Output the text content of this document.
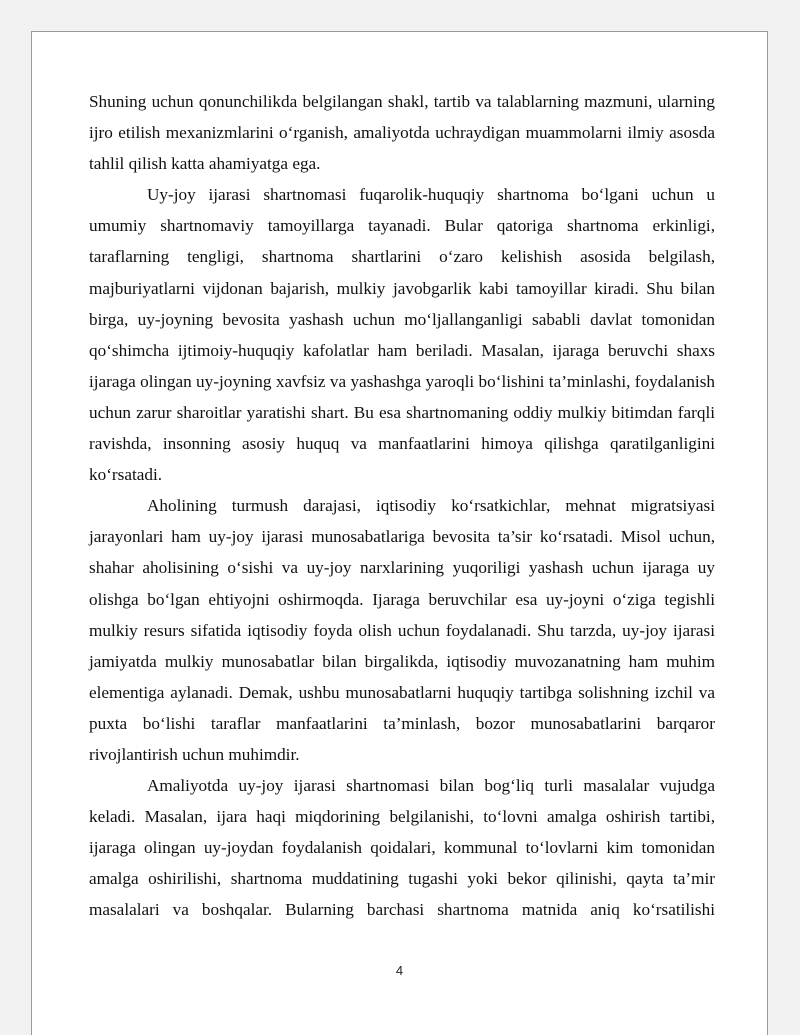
Shuning uchun qonunchilikda belgilangan shakl, tartib va talablarning mazmuni, ularning ijro etilish mexanizmlarini o‘rganish, amaliyotda uchraydigan muammolarni ilmiy asosda tahlil qilish katta ahamiyatga ega.

Uy-joy ijarasi shartnomasi fuqarolik-huquqiy shartnoma bo‘lgani uchun u umumiy shartnomaviy tamoyillarga tayanadi. Bular qatoriga shartnoma erkinligi, taraflarning tengligi, shartnoma shartlarini o‘zaro kelishish asosida belgilash, majburiyatlarni vijdonan bajarish, mulkiy javobgarlik kabi tamoyillar kiradi. Shu bilan birga, uy-joyning bevosita yashash uchun mo‘ljallanganligi sababli davlat tomonidan qo‘shimcha ijtimoiy-huquqiy kafolatlar ham beriladi. Masalan, ijaraga beruvchi shaxs ijaraga olingan uy-joyning xavfsiz va yashashga yaroqli bo‘lishini ta’minlashi, foydalanish uchun zarur sharoitlar yaratishi shart. Bu esa shartnomaning oddiy mulkiy bitimdan farqli ravishda, insonning asosiy huquq va manfaatlarini himoya qilishga qaratilganligini ko‘rsatadi.

Aholining turmush darajasi, iqtisodiy ko‘rsatkichlar, mehnat migratsiyasi jarayonlari ham uy-joy ijarasi munosabatlariga bevosita ta’sir ko‘rsatadi. Misol uchun, shahar aholisining o‘sishi va uy-joy narxlarining yuqoriligi yashash uchun ijaraga uy olishga bo‘lgan ehtiyojni oshirmoqda. Ijaraga beruvchilar esa uy-joyni o‘ziga tegishli mulkiy resurs sifatida iqtisodiy foyda olish uchun foydalanadi. Shu tarzda, uy-joy ijarasi jamiyatda mulkiy munosabatlar bilan birgalikda, iqtisodiy muvozanatning ham muhim elementiga aylanadi. Demak, ushbu munosabatlarni huquqiy tartibga solishning izchil va puxta bo‘lishi taraflar manfaatlarini ta’minlash, bozor munosabatlarini barqaror rivojlantirish uchun muhimdir.

Amaliyotda uy-joy ijarasi shartnomasi bilan bog‘liq turli masalalar vujudga keladi. Masalan, ijara haqi miqdorining belgilanishi, to‘lovni amalga oshirish tartibi, ijaraga olingan uy-joydan foydalanish qoidalari, kommunal to‘lovlarni kim tomonidan amalga oshirilishi, shartnoma muddatining tugashi yoki bekor qilinishi, qayta ta’mir masalalari va boshqalar. Bularning barchasi shartnoma matnida aniq ko‘rsatilishi

4
